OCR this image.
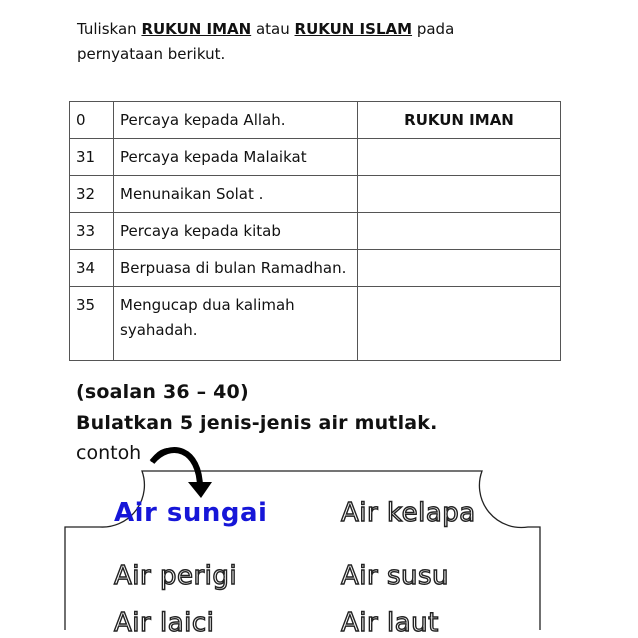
Tuliskan RUKUN IMAN atau RUKUN ISLAM pada pernyataan berikut.

0	Percaya kepada Allah.	RUKUN IMAN
31	Percaya kepada Malaikat	
32	Menunaikan Solat .	
33	Percaya kepada kitab	
34	Berpuasa di bulan Ramadhan.	
35	Mengucap dua kalimah syahadah.	

(soalan 36 – 40)

Bulatkan 5 jenis-jenis air mutlak.

contoh

Air sungai	Air kelapa
Air perigi	Air susu
Air laici	Air laut
